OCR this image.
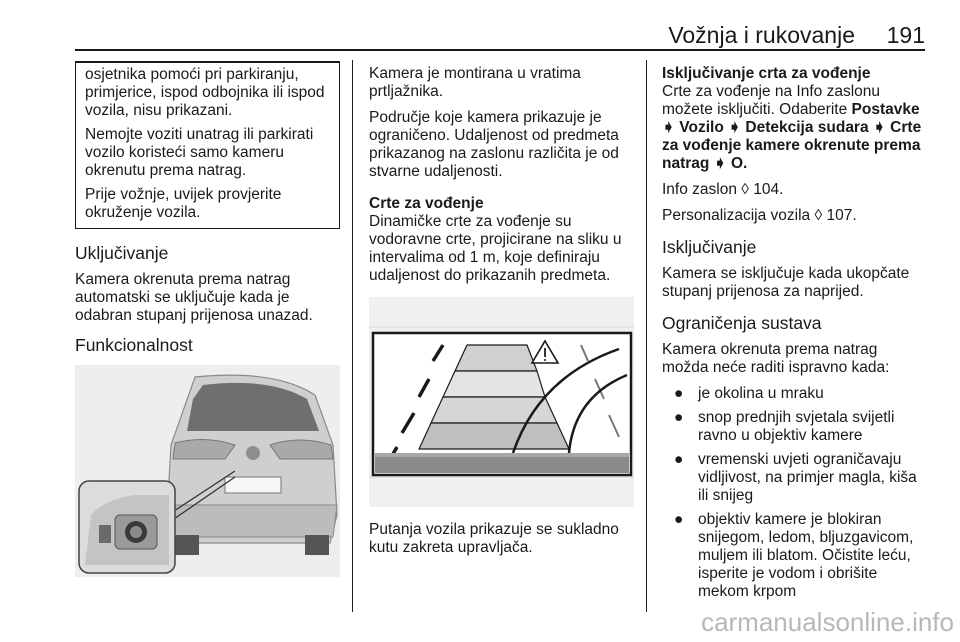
Vožnja i rukovanje 191

osjetnika pomoći pri parkiranju, primjerice, ispod odbojnika ili ispod vozila, nisu prikazani.

Nemojte voziti unatrag ili parkirati vozilo koristeći samo kameru okrenutu prema natrag.

Prije vožnje, uvijek provjerite okruženje vozila.

Uključivanje

Kamera okrenuta prema natrag automatski se uključuje kada je odabran stupanj prijenosa unazad.

Funkcionalnost

Kamera je montirana u vratima prtljažnika.

Područje koje kamera prikazuje je ograničeno. Udaljenost od predmeta prikazanog na zaslonu različita je od stvarne udaljenosti.

Crte za vođenje

Dinamičke crte za vođenje su vodoravne crte, projicirane na sliku u intervalima od 1 m, koje definiraju udaljenost do prikazanih predmeta.

Putanja vozila prikazuje se sukladno kutu zakreta upravljača.

Isključivanje crta za vođenje

Crte za vođenje na Info zaslonu možete isključiti. Odaberite Postavke ➧ Vozilo ➧ Detekcija sudara ➧ Crte za vođenje kamere okrenute prema natrag ➧ O.

Info zaslon ◊ 104.

Personalizacija vozila ◊ 107.

Isključivanje

Kamera se isključuje kada ukopčate stupanj prijenosa za naprijed.

Ograničenja sustava

Kamera okrenuta prema natrag možda neće raditi ispravno kada:

● je okolina u mraku
● snop prednjih svjetala svijetli ravno u objektiv kamere
● vremenski uvjeti ograničavaju vidljivost, na primjer magla, kiša ili snijeg
● objektiv kamere je blokiran snijegom, ledom, bljuzgavicom, muljem ili blatom. Očistite leću, isperite je vodom i obrišite mekom krpom
carmanualsonline.info
